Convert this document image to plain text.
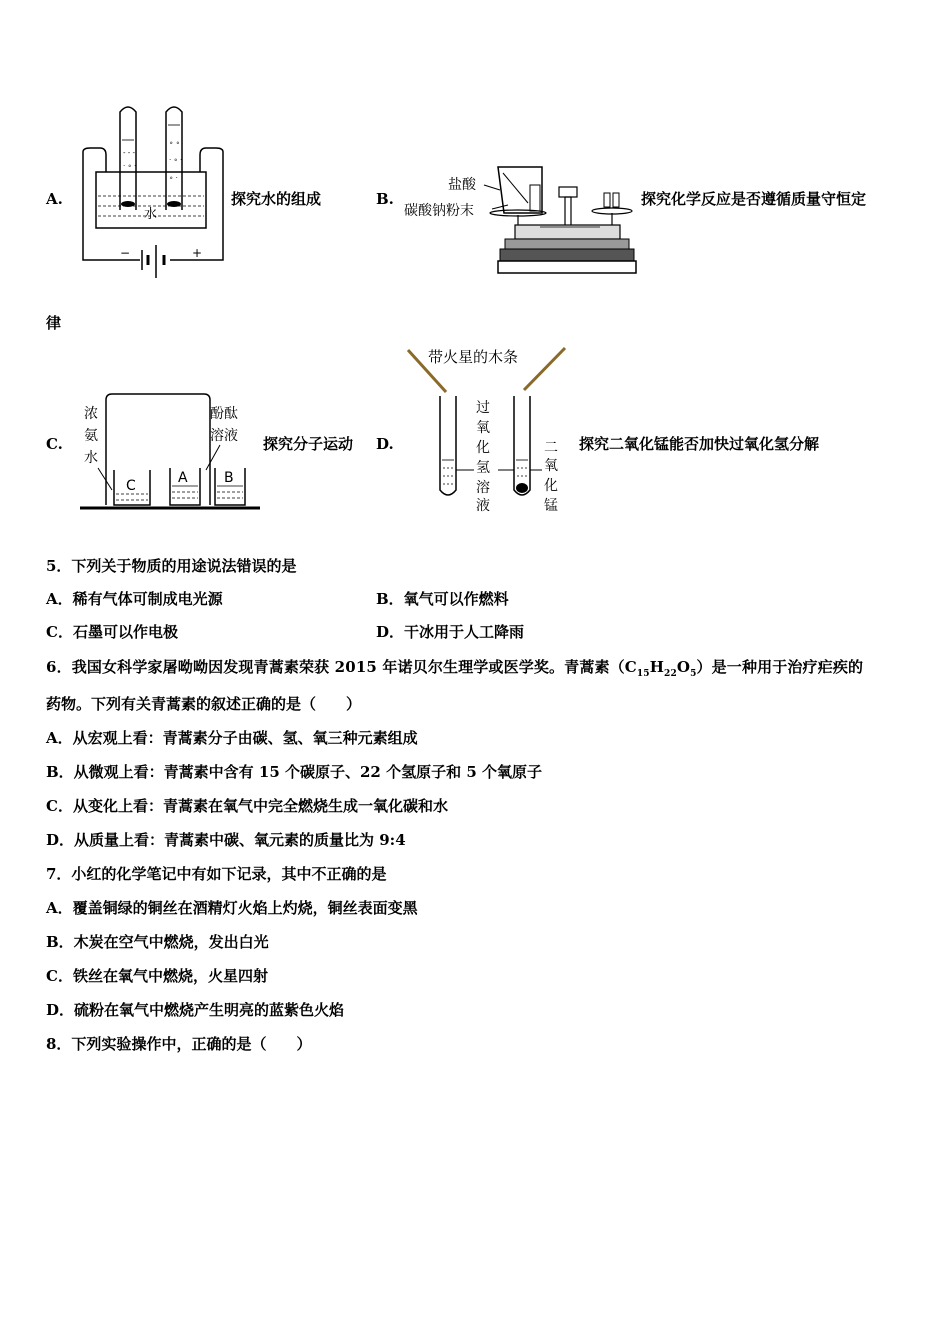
A.
- - -
· ∘ ·
∘ ∘
· ∘ ·
∘ ·
水
−	+
探究水的组成	B.
盐酸
碳酸钠粉末
探究化学反应是否遵循质量守恒定
律
C.
浓
氨
水
酚酞
溶液
C	A	B
探究分子运动 D.
带火星的木条
过
氧
化
氢
溶
液
二
氧
化
锰
探究二氧化锰能否加快过氧化氢分解
5．下列关于物质的用途说法错误的是
A．稀有气体可制成电光源	B．氧气可以作燃料
C．石墨可以作电极	D．干冰用于人工降雨
6．我国女科学家屠呦呦因发现青蒿素荣获 2015 年诺贝尔生理学或医学奖。青蒿素$(C_{15}H_{22}O_5)$是一种用于治疗疟疾的
药物。下列有关青蒿素的叙述正确的是（　　）
A．从宏观上看：青蒿素分子由碳、氢、氧三种元素组成
B．从微观上看：青蒿素中含有 15 个碳原子、22 个氢原子和 5 个氧原子
C．从变化上看：青蒿素在氧气中完全燃烧生成一氧化碳和水
D．从质量上看：青蒿素中碳、氧元素的质量比为 9:4
7．小红的化学笔记中有如下记录，其中不正确的是
A．覆盖铜绿的铜丝在酒精灯火焰上灼烧，铜丝表面变黑
B．木炭在空气中燃烧，发出白光
C．铁丝在氧气中燃烧，火星四射
D．硫粉在氧气中燃烧产生明亮的蓝紫色火焰
8．下列实验操作中，正确的是（　　）
